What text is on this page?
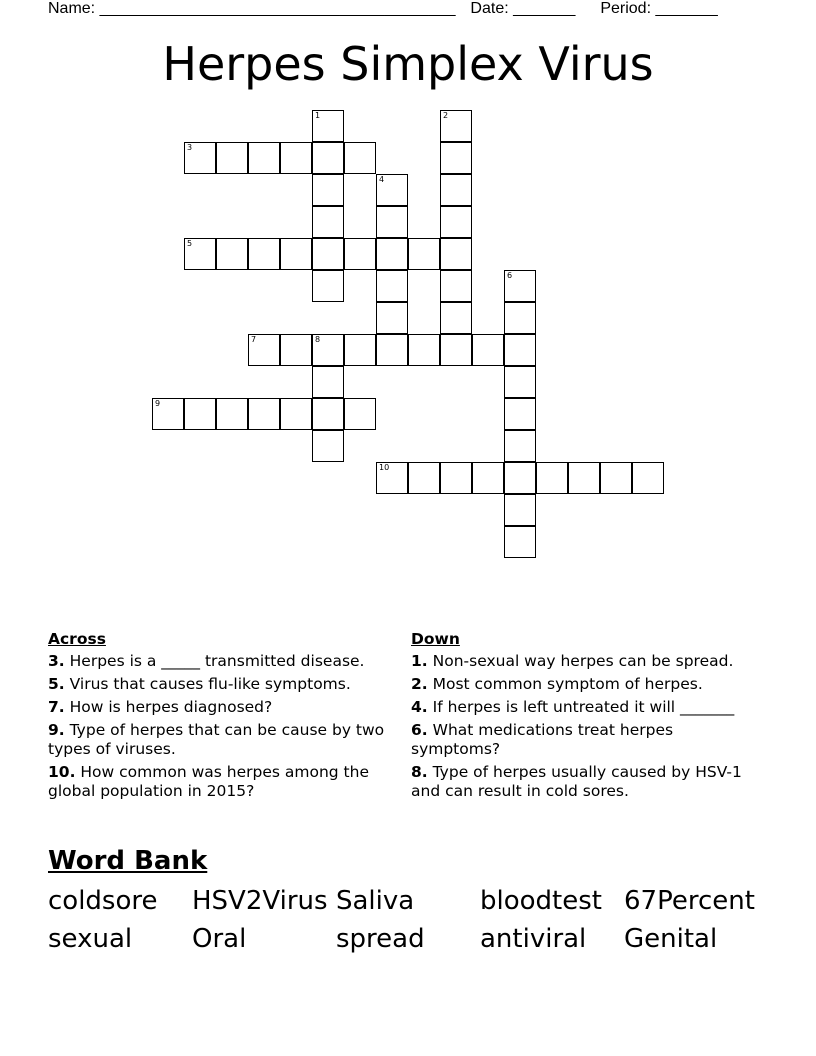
Name: ________________________________________ Date: _______ Period: _______
Herpes Simplex Virus
1	2
3
4
5
6
7	8
9
10
Across
3. Herpes is a _____ transmitted disease.
5. Virus that causes flu-like symptoms.
7. How is herpes diagnosed?
9. Type of herpes that can be cause by two types of viruses.
10. How common was herpes among the global population in 2015?
Down
1. Non-sexual way herpes can be spread.
2. Most common symptom of herpes.
4. If herpes is left untreated it will _______
6. What medications treat herpes symptoms?
8. Type of herpes usually caused by HSV-1 and can result in cold sores.
Word Bank
coldsore HSV2Virus Saliva	bloodtest 67Percent
sexual Oral	spread antiviral Genital
